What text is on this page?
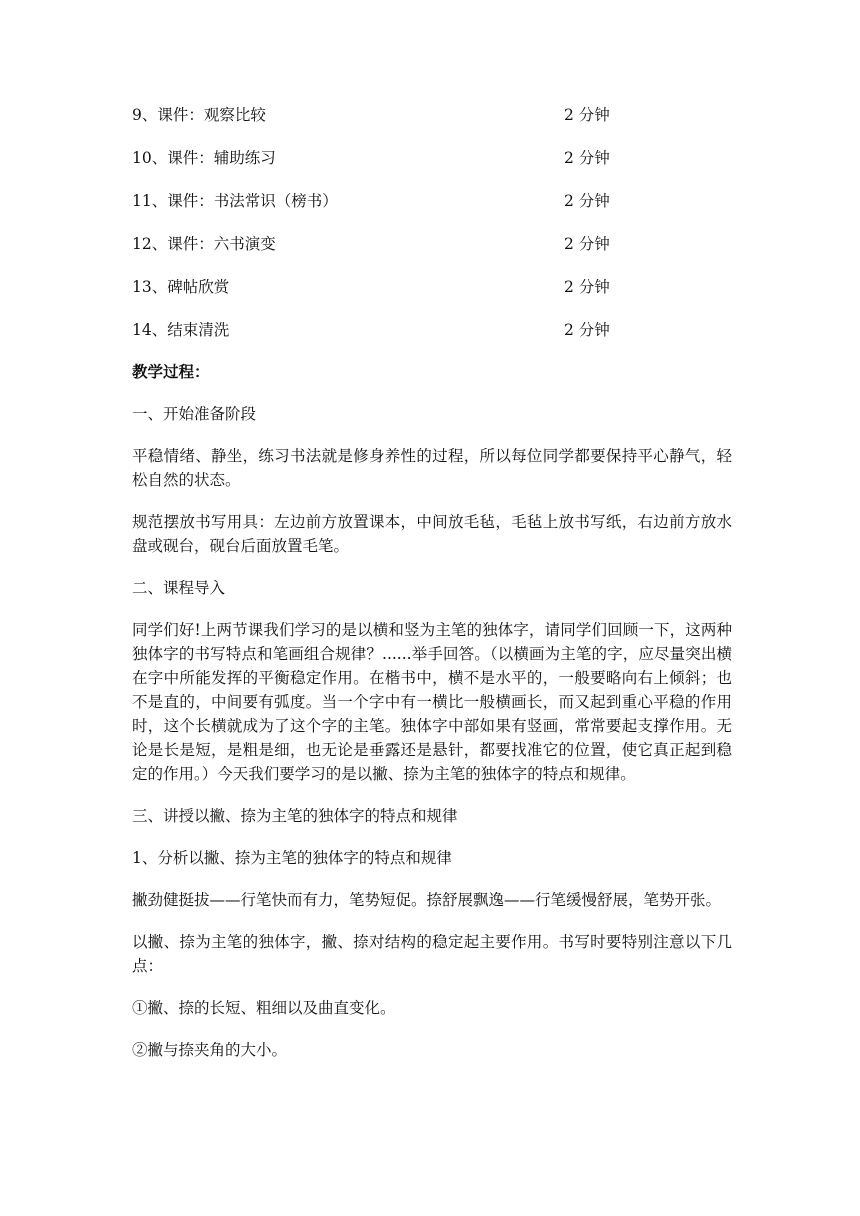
9、课件：观察比较	2 分钟
10、课件：辅助练习	2 分钟
11、课件：书法常识（榜书）	2 分钟
12、课件：六书演变	2 分钟
13、碑帖欣赏	2 分钟
14、结束清洗	2 分钟
教学过程：

一、开始准备阶段

平稳情绪、静坐，练习书法就是修身养性的过程，所以每位同学都要保持平心静气，轻松自然的状态。

规范摆放书写用具：左边前方放置课本，中间放毛毡，毛毡上放书写纸，右边前方放水盘或砚台，砚台后面放置毛笔。

二、课程导入

同学们好!上两节课我们学习的是以横和竖为主笔的独体字，请同学们回顾一下，这两种独体字的书写特点和笔画组合规律？......举手回答。（以横画为主笔的字，应尽量突出横在字中所能发挥的平衡稳定作用。在楷书中，横不是水平的，一般要略向右上倾斜；也不是直的，中间要有弧度。当一个字中有一横比一般横画长，而又起到重心平稳的作用时，这个长横就成为了这个字的主笔。独体字中部如果有竖画，常常要起支撑作用。无论是长是短，是粗是细，也无论是垂露还是悬针，都要找准它的位置，使它真正起到稳定的作用。）今天我们要学习的是以撇、捺为主笔的独体字的特点和规律。

三、讲授以撇、捺为主笔的独体字的特点和规律

1、分析以撇、捺为主笔的独体字的特点和规律

撇劲健挺拔——行笔快而有力，笔势短促。捺舒展飘逸——行笔缓慢舒展，笔势开张。

以撇、捺为主笔的独体字，撇、捺对结构的稳定起主要作用。书写时要特别注意以下几点：

①撇、捺的长短、粗细以及曲直变化。

②撇与捺夹角的大小。
